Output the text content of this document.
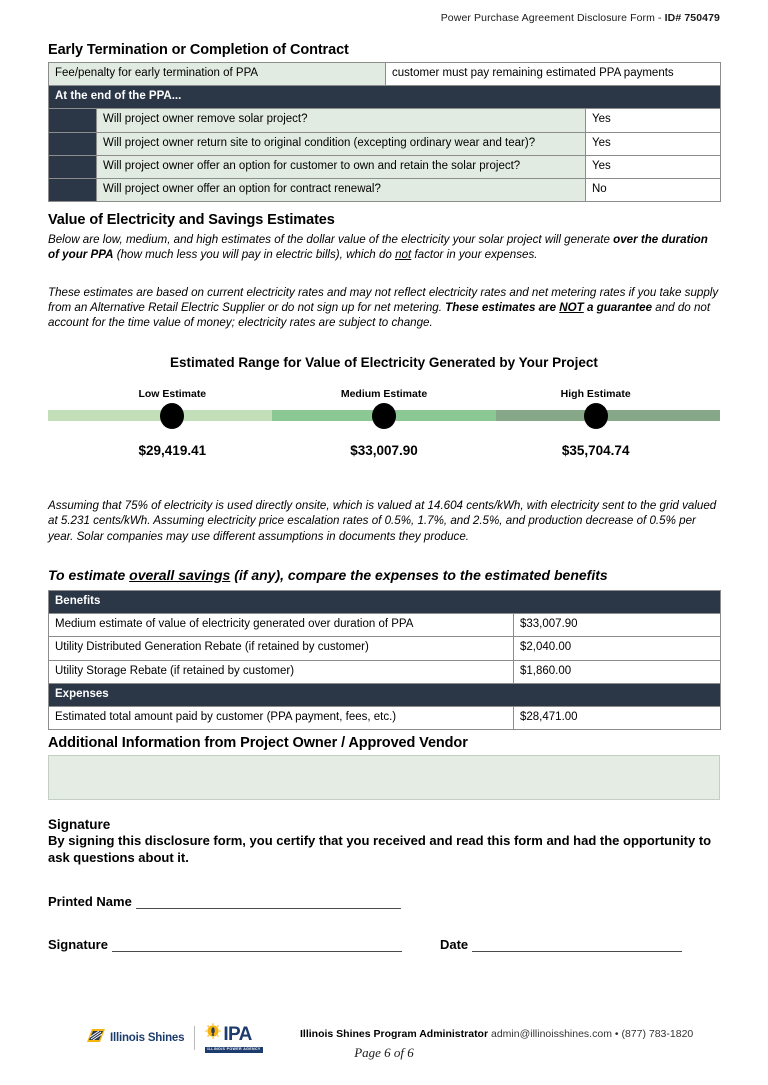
Power Purchase Agreement Disclosure Form - ID# 750479
Early Termination or Completion of Contract
Fee/penalty for early termination of PPA		customer must pay remaining estimated PPA payments	
At the end of the PPA...			
	Will project owner remove solar project?		Yes
	Will project owner return site to original condition (excepting ordinary wear and tear)?		Yes
	Will project owner offer an option for customer to own and retain the solar project?		Yes
	Will project owner offer an option for contract renewal?		No
Value of Electricity and Savings Estimates

Below are low, medium, and high estimates of the dollar value of the electricity your solar project will generate over the duration of your PPA (how much less you will pay in electric bills), which do not factor in your expenses.

These estimates are based on current electricity rates and may not reflect electricity rates and net metering rates if you take supply from an Alternative Retail Electric Supplier or do not sign up for net metering. These estimates are NOT a guarantee and do not account for the time value of money; electricity rates are subject to change.

Estimated Range for Value of Electricity Generated by Your Project
Low Estimate	Medium Estimate	High Estimate
$29,419.41	$33,007.90	$35,704.74

Assuming that 75% of electricity is used directly onsite, which is valued at 14.604 cents/kWh, with electricity sent to the grid valued at 5.231 cents/kWh. Assuming electricity price escalation rates of 0.5%, 1.7%, and 2.5%, and production decrease of 0.5% per year. Solar companies may use different assumptions in documents they produce.

To estimate overall savings (if any), compare the expenses to the estimated benefits
Benefits	
Medium estimate of value of electricity generated over duration of PPA	$33,007.90
Utility Distributed Generation Rebate (if retained by customer)	$2,040.00
Utility Storage Rebate (if retained by customer)	$1,860.00
Expenses	
Estimated total amount paid by customer (PPA payment, fees, etc.)	$28,471.00
Additional Information from Project Owner / Approved Vendor
Signature

By signing this disclosure form, you certify that you received and read this form and had the opportunity to ask questions about it.

Printed Name
Signature	Date
Illinois Shines IPA
ILLINOIS POWER AGENCY
Illinois Shines Program Administrator admin@illinoisshines.com • (877) 783-1820
Page 6 of 6
